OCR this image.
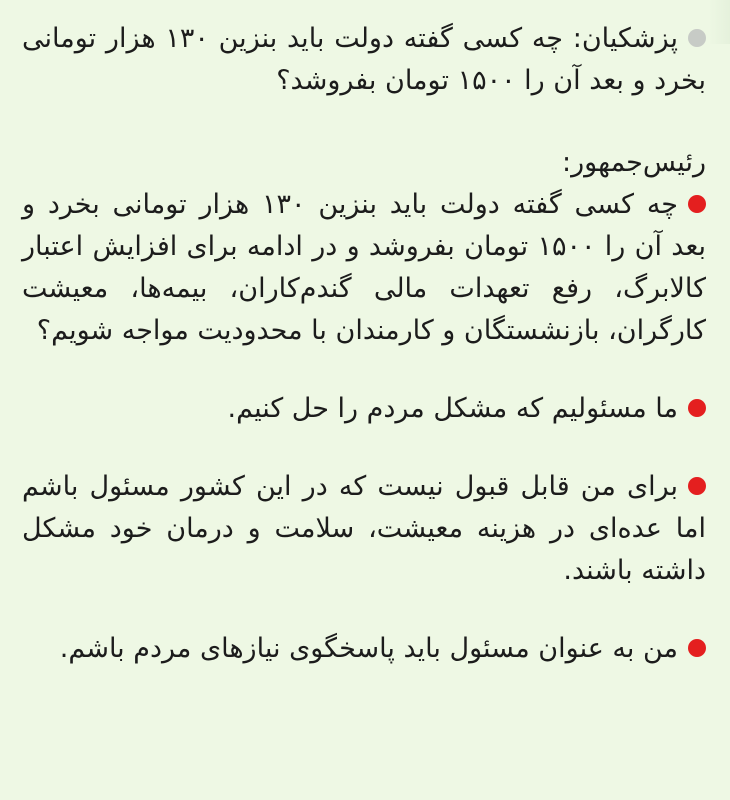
پزشکیان: چه کسی گفته دولت باید بنزین ۱۳۰ هزار تومانی بخرد و بعد آن را ۱۵۰۰ تومان بفروشد؟

رئیس‌جمهور:

چه کسی گفته دولت باید بنزین ۱۳۰ هزار تومانی بخرد و بعد آن را ۱۵۰۰ تومان بفروشد و در ادامه برای افزایش اعتبار کالابرگ، رفع تعهدات مالی گندم‌کاران، بیمه‌ها، معیشت کارگران، بازنشستگان و کارمندان با محدودیت مواجه شویم؟

ما مسئولیم که مشکل مردم را حل کنیم.

برای من قابل قبول نیست که در این کشور مسئول باشم اما عده‌ای در هزینه معیشت، سلامت و درمان خود مشکل داشته باشند.

من به عنوان مسئول باید پاسخگوی نیازهای مردم باشم.
